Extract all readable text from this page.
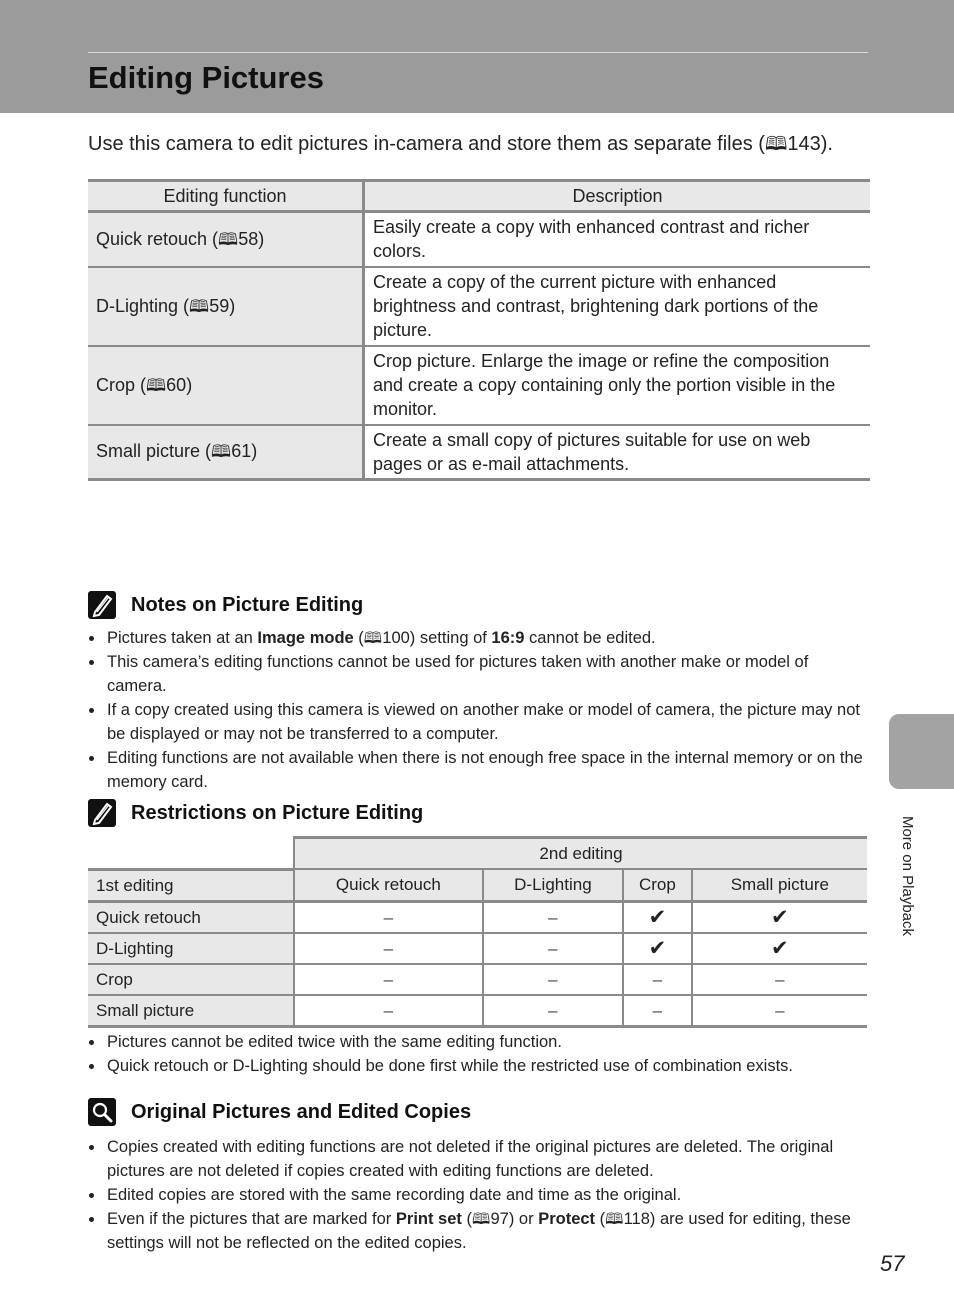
Editing Pictures

Use this camera to edit pictures in-camera and store them as separate files (🕮143).

Editing function	Description
Quick retouch (🕮58)	Easily create a copy with enhanced contrast and richer colors.
D-Lighting (🕮59)	Create a copy of the current picture with enhanced brightness and contrast, brightening dark portions of the picture.
Crop (🕮60)	Crop picture. Enlarge the image or refine the composition and create a copy containing only the portion visible in the monitor.
Small picture (🕮61)	Create a small copy of pictures suitable for use on web pages or as e-mail attachments.
Notes on Picture Editing
Pictures taken at an Image mode (🕮100) setting of 16:9 cannot be edited.
This camera’s editing functions cannot be used for pictures taken with another make or model of camera.
If a copy created using this camera is viewed on another make or model of camera, the picture may not be displayed or may not be transferred to a computer.
Editing functions are not available when there is not enough free space in the internal memory or on the memory card.
Restrictions on Picture Editing
	2nd editing			
1st editing	Quick retouch	D-Lighting	Crop	Small picture
Quick retouch	–	–	✔	✔
D-Lighting	–	–	✔	✔
Crop	–	–	–	–
Small picture	–	–	–	–
Pictures cannot be edited twice with the same editing function.
Quick retouch or D-Lighting should be done first while the restricted use of combination exists.
Original Pictures and Edited Copies
Copies created with editing functions are not deleted if the original pictures are deleted. The original pictures are not deleted if copies created with editing functions are deleted.
Edited copies are stored with the same recording date and time as the original.
Even if the pictures that are marked for Print set (🕮97) or Protect (🕮118) are used for editing, these settings will not be reflected on the edited copies.
More on Playback
57
